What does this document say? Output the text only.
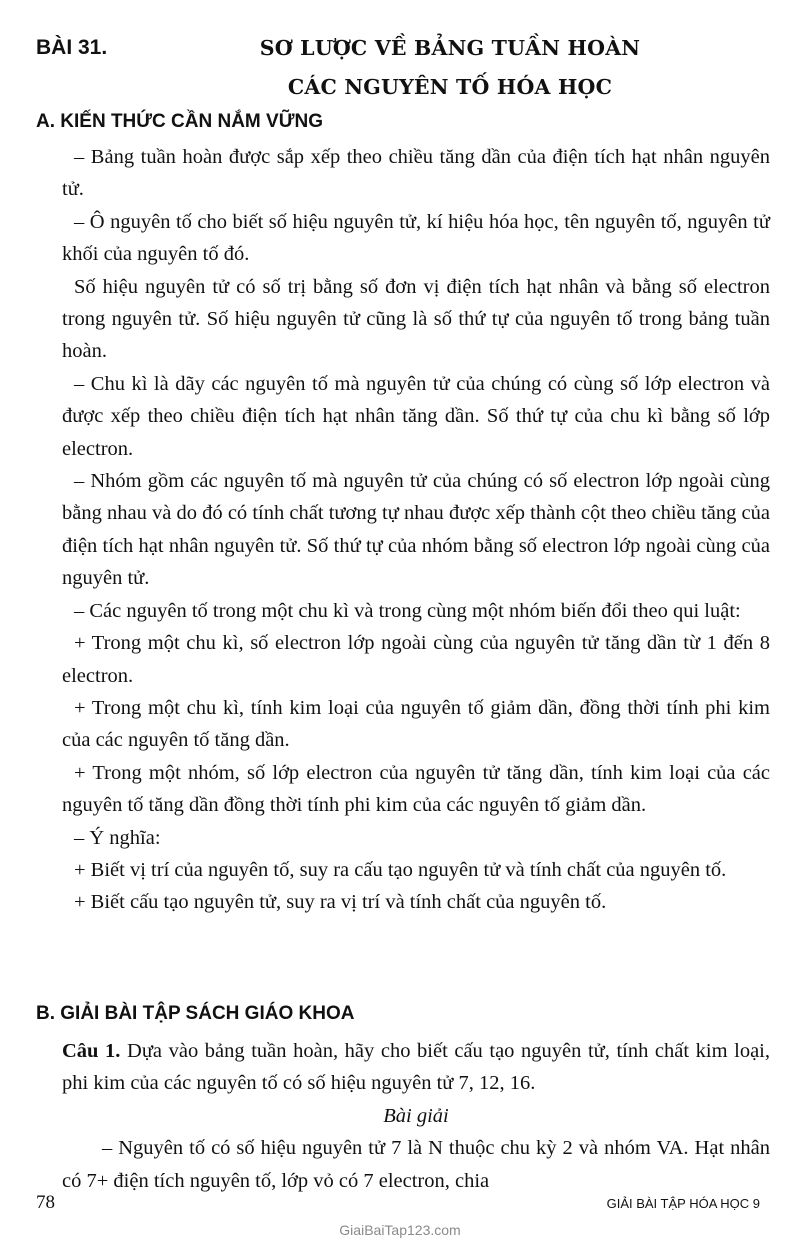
BÀI 31.	SƠ LƯỢC VỀ BẢNG TUẦN HOÀN
CÁC NGUYÊN TỐ HÓA HỌC
A. KIẾN THỨC CẦN NẮM VỮNG

– Bảng tuần hoàn được sắp xếp theo chiều tăng dần của điện tích hạt nhân nguyên tử.

– Ô nguyên tố cho biết số hiệu nguyên tử, kí hiệu hóa học, tên nguyên tố, nguyên tử khối của nguyên tố đó.

Số hiệu nguyên tử có số trị bằng số đơn vị điện tích hạt nhân và bằng số electron trong nguyên tử. Số hiệu nguyên tử cũng là số thứ tự của nguyên tố trong bảng tuần hoàn.

– Chu kì là dãy các nguyên tố mà nguyên tử của chúng có cùng số lớp electron và được xếp theo chiều điện tích hạt nhân tăng dần. Số thứ tự của chu kì bằng số lớp electron.

– Nhóm gồm các nguyên tố mà nguyên tử của chúng có số electron lớp ngoài cùng bằng nhau và do đó có tính chất tương tự nhau được xếp thành cột theo chiều tăng của điện tích hạt nhân nguyên tử. Số thứ tự của nhóm bằng số electron lớp ngoài cùng của nguyên tử.

– Các nguyên tố trong một chu kì và trong cùng một nhóm biến đổi theo qui luật:

+ Trong một chu kì, số electron lớp ngoài cùng của nguyên tử tăng dần từ 1 đến 8 electron.

+ Trong một chu kì, tính kim loại của nguyên tố giảm dần, đồng thời tính phi kim của các nguyên tố tăng dần.

+ Trong một nhóm, số lớp electron của nguyên tử tăng dần, tính kim loại của các nguyên tố tăng dần đồng thời tính phi kim của các nguyên tố giảm dần.

– Ý nghĩa:

+ Biết vị trí của nguyên tố, suy ra cấu tạo nguyên tử và tính chất của nguyên tố.

+ Biết cấu tạo nguyên tử, suy ra vị trí và tính chất của nguyên tố.

B. GIẢI BÀI TẬP SÁCH GIÁO KHOA

Câu 1. Dựa vào bảng tuần hoàn, hãy cho biết cấu tạo nguyên tử, tính chất kim loại, phi kim của các nguyên tố có số hiệu nguyên tử 7, 12, 16.

Bài giải

– Nguyên tố có số hiệu nguyên tử 7 là N thuộc chu kỳ 2 và nhóm VA. Hạt nhân có 7+ điện tích nguyên tố, lớp vỏ có 7 electron, chia

78	GIẢI BÀI TẬP HÓA HỌC 9
GiaiBaiTap123.com
